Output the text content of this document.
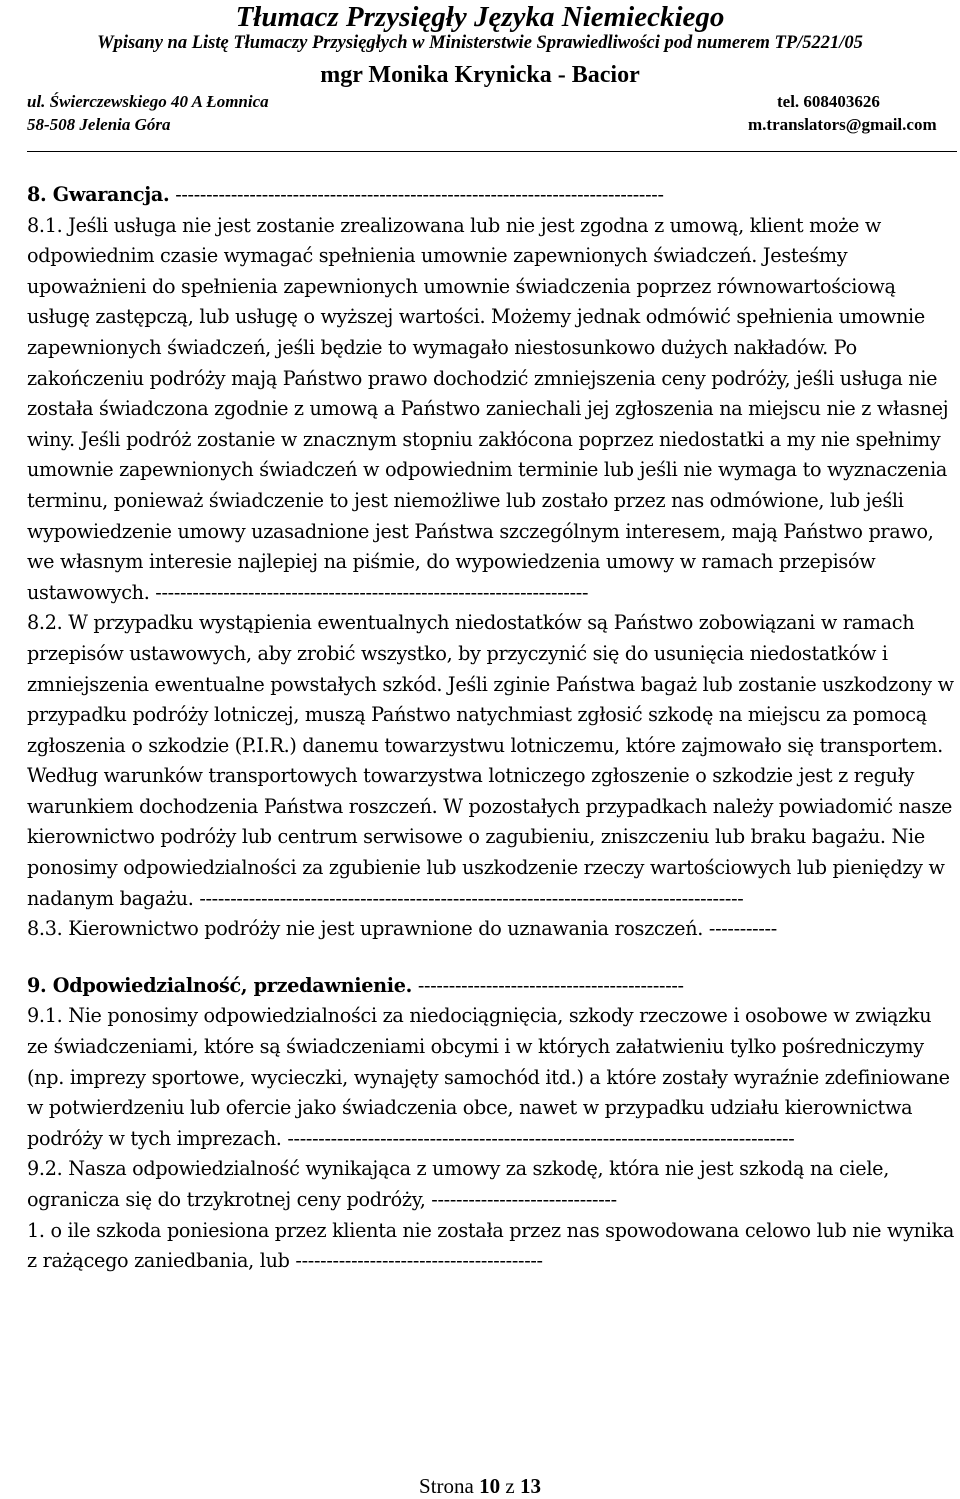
Tłumacz Przysięgły Języka Niemieckiego
Wpisany na Listę Tłumaczy Przysięgłych w Ministerstwie Sprawiedliwości pod numerem TP/5221/05
mgr Monika Krynicka - Bacior
ul. Świerczewskiego 40 A Łomnica
58-508 Jelenia Góra
tel. 608403626
m.translators@gmail.com

8. Gwarancja. -------------------------------------------------------------------------------

8.1. Jeśli usługa nie jest zostanie zrealizowana lub nie jest zgodna z umową, klient może w odpowiednim czasie wymagać spełnienia umownie zapewnionych świadczeń. Jesteśmy upoważnieni do spełnienia zapewnionych umownie świadczenia poprzez równowartościową usługę zastępczą, lub usługę o wyższej wartości. Możemy jednak odmówić spełnienia umownie zapewnionych świadczeń, jeśli będzie to wymagało niestosunkowo dużych nakładów. Po zakończeniu podróży mają Państwo prawo dochodzić zmniejszenia ceny podróży, jeśli usługa nie została świadczona zgodnie z umową a Państwo zaniechali jej zgłoszenia na miejscu nie z własnej winy. Jeśli podróż zostanie w znacznym stopniu zakłócona poprzez niedostatki a my nie spełnimy umownie zapewnionych świadczeń w odpowiednim terminie lub jeśli nie wymaga to wyznaczenia terminu, ponieważ świadczenie to jest niemożliwe lub zostało przez nas odmówione, lub jeśli wypowiedzenie umowy uzasadnione jest Państwa szczególnym interesem, mają Państwo prawo, we własnym interesie najlepiej na piśmie, do wypowiedzenia umowy w ramach przepisów ustawowych. ----------------------------------------------------------------------

8.2. W przypadku wystąpienia ewentualnych niedostatków są Państwo zobowiązani w ramach przepisów ustawowych, aby zrobić wszystko, by przyczynić się do usunięcia niedostatków i zmniejszenia ewentualne powstałych szkód. Jeśli zginie Państwa bagaż lub zostanie uszkodzony w przypadku podróży lotniczej, muszą Państwo natychmiast zgłosić szkodę na miejscu za pomocą zgłoszenia o szkodzie (P.I.R.) danemu towarzystwu lotniczemu, które zajmowało się transportem. Według warunków transportowych towarzystwa lotniczego zgłoszenie o szkodzie jest z reguły warunkiem dochodzenia Państwa roszczeń. W pozostałych przypadkach należy powiadomić nasze kierownictwo podróży lub centrum serwisowe o zagubieniu, zniszczeniu lub braku bagażu. Nie ponosimy odpowiedzialności za zgubienie lub uszkodzenie rzeczy wartościowych lub pieniędzy w nadanym bagażu. ----------------------------------------------------------------------------------------

8.3. Kierownictwo podróży nie jest uprawnione do uznawania roszczeń. -----------

9. Odpowiedzialność, przedawnienie. -------------------------------------------

9.1. Nie ponosimy odpowiedzialności za niedociągnięcia, szkody rzeczowe i osobowe w związku ze świadczeniami, które są świadczeniami obcymi i w których załatwieniu tylko pośredniczymy (np. imprezy sportowe, wycieczki, wynajęty samochód itd.) a które zostały wyraźnie zdefiniowane w potwierdzeniu lub ofercie jako świadczenia obce, nawet w przypadku udziału kierownictwa podróży w tych imprezach. ----------------------------------------------------------------------------------

9.2. Nasza odpowiedzialność wynikająca z umowy za szkodę, która nie jest szkodą na ciele, ogranicza się do trzykrotnej ceny podróży, ------------------------------

1. o ile szkoda poniesiona przez klienta nie została przez nas spowodowana celowo lub nie wynika z rażącego zaniedbania, lub ----------------------------------------

Strona 10 z 13
